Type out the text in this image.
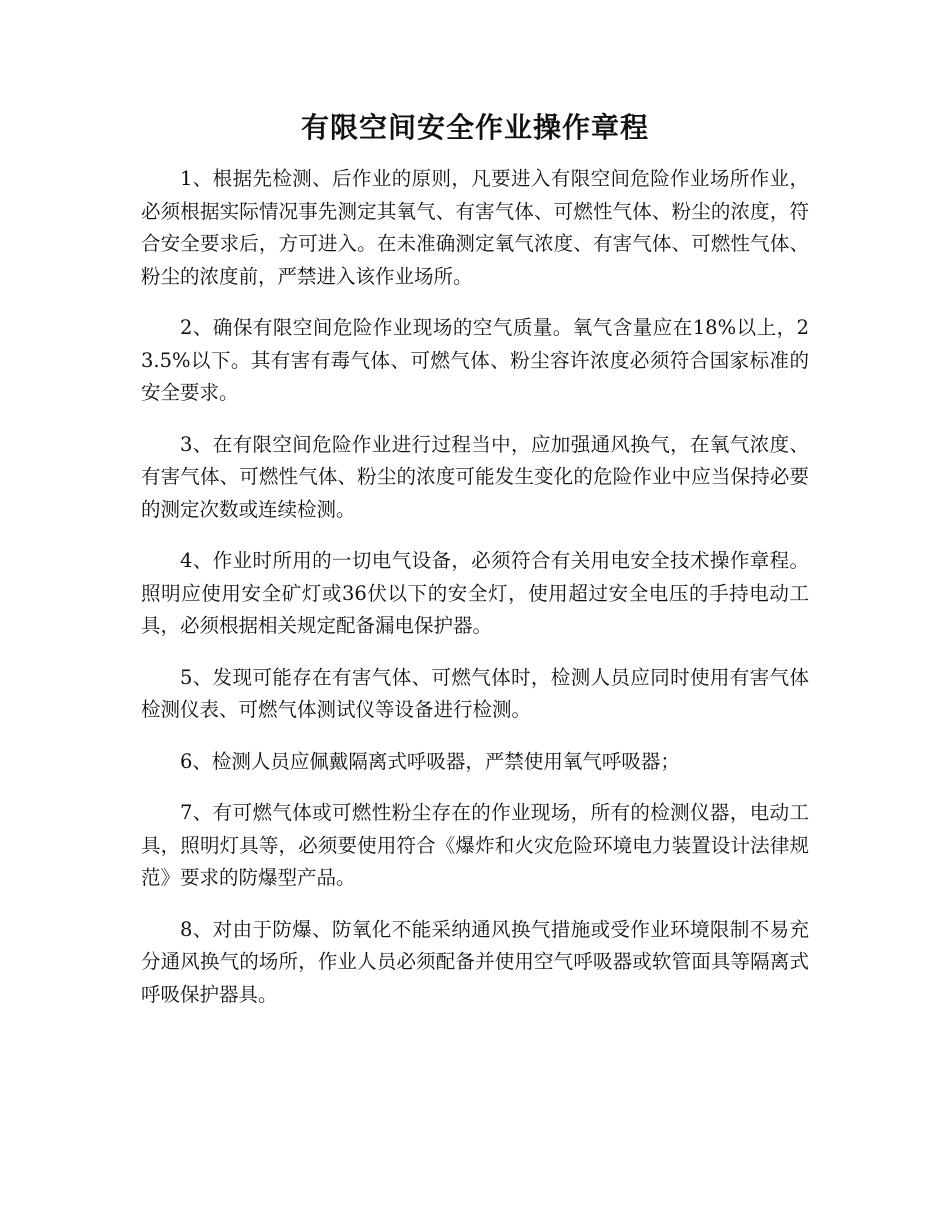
有限空间安全作业操作章程

1、根据先检测、后作业的原则，凡要进入有限空间危险作业场所作业，必须根据实际情况事先测定其氧气、有害气体、可燃性气体、粉尘的浓度，符合安全要求后，方可进入。在未准确测定氧气浓度、有害气体、可燃性气体、粉尘的浓度前，严禁进入该作业场所。

2、确保有限空间危险作业现场的空气质量。氧气含量应在18%以上，23.5%以下。其有害有毒气体、可燃气体、粉尘容许浓度必须符合国家标准的安全要求。

3、在有限空间危险作业进行过程当中，应加强通风换气，在氧气浓度、有害气体、可燃性气体、粉尘的浓度可能发生变化的危险作业中应当保持必要的测定次数或连续检测。

4、作业时所用的一切电气设备，必须符合有关用电安全技术操作章程。照明应使用安全矿灯或36伏以下的安全灯，使用超过安全电压的手持电动工具，必须根据相关规定配备漏电保护器。

5、发现可能存在有害气体、可燃气体时，检测人员应同时使用有害气体检测仪表、可燃气体测试仪等设备进行检测。

6、检测人员应佩戴隔离式呼吸器，严禁使用氧气呼吸器；

7、有可燃气体或可燃性粉尘存在的作业现场，所有的检测仪器，电动工具，照明灯具等，必须要使用符合《爆炸和火灾危险环境电力装置设计法律规范》要求的防爆型产品。

8、对由于防爆、防氧化不能采纳通风换气措施或受作业环境限制不易充分通风换气的场所，作业人员必须配备并使用空气呼吸器或软管面具等隔离式呼吸保护器具。
